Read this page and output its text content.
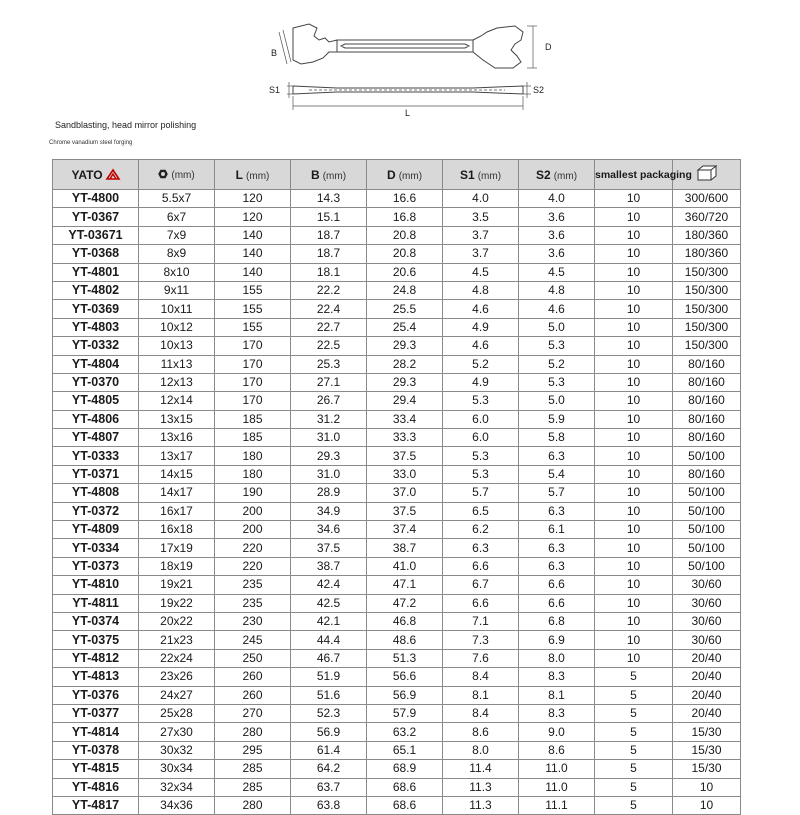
B
D
S1	S2
L
Sandblasting, head mirror polishing
Chrome vanadium steel forging
YATO	(mm)	L (mm)	B (mm)	D (mm)	S1 (mm)	S2 (mm)	smallest packaging	
YT-4800	5.5x7	120	14.3	16.6	4.0	4.0	10	300/600
YT-0367	6x7	120	15.1	16.8	3.5	3.6	10	360/720
YT-03671	7x9	140	18.7	20.8	3.7	3.6	10	180/360
YT-0368	8x9	140	18.7	20.8	3.7	3.6	10	180/360
YT-4801	8x10	140	18.1	20.6	4.5	4.5	10	150/300
YT-4802	9x11	155	22.2	24.8	4.8	4.8	10	150/300
YT-0369	10x11	155	22.4	25.5	4.6	4.6	10	150/300
YT-4803	10x12	155	22.7	25.4	4.9	5.0	10	150/300
YT-0332	10x13	170	22.5	29.3	4.6	5.3	10	150/300
YT-4804	11x13	170	25.3	28.2	5.2	5.2	10	80/160
YT-0370	12x13	170	27.1	29.3	4.9	5.3	10	80/160
YT-4805	12x14	170	26.7	29.4	5.3	5.0	10	80/160
YT-4806	13x15	185	31.2	33.4	6.0	5.9	10	80/160
YT-4807	13x16	185	31.0	33.3	6.0	5.8	10	80/160
YT-0333	13x17	180	29.3	37.5	5.3	6.3	10	50/100
YT-0371	14x15	180	31.0	33.0	5.3	5.4	10	80/160
YT-4808	14x17	190	28.9	37.0	5.7	5.7	10	50/100
YT-0372	16x17	200	34.9	37.5	6.5	6.3	10	50/100
YT-4809	16x18	200	34.6	37.4	6.2	6.1	10	50/100
YT-0334	17x19	220	37.5	38.7	6.3	6.3	10	50/100
YT-0373	18x19	220	38.7	41.0	6.6	6.3	10	50/100
YT-4810	19x21	235	42.4	47.1	6.7	6.6	10	30/60
YT-4811	19x22	235	42.5	47.2	6.6	6.6	10	30/60
YT-0374	20x22	230	42.1	46.8	7.1	6.8	10	30/60
YT-0375	21x23	245	44.4	48.6	7.3	6.9	10	30/60
YT-4812	22x24	250	46.7	51.3	7.6	8.0	10	20/40
YT-4813	23x26	260	51.9	56.6	8.4	8.3	5	20/40
YT-0376	24x27	260	51.6	56.9	8.1	8.1	5	20/40
YT-0377	25x28	270	52.3	57.9	8.4	8.3	5	20/40
YT-4814	27x30	280	56.9	63.2	8.6	9.0	5	15/30
YT-0378	30x32	295	61.4	65.1	8.0	8.6	5	15/30
YT-4815	30x34	285	64.2	68.9	11.4	11.0	5	15/30
YT-4816	32x34	285	63.7	68.6	11.3	11.0	5	10
YT-4817	34x36	280	63.8	68.6	11.3	11.1	5	10
